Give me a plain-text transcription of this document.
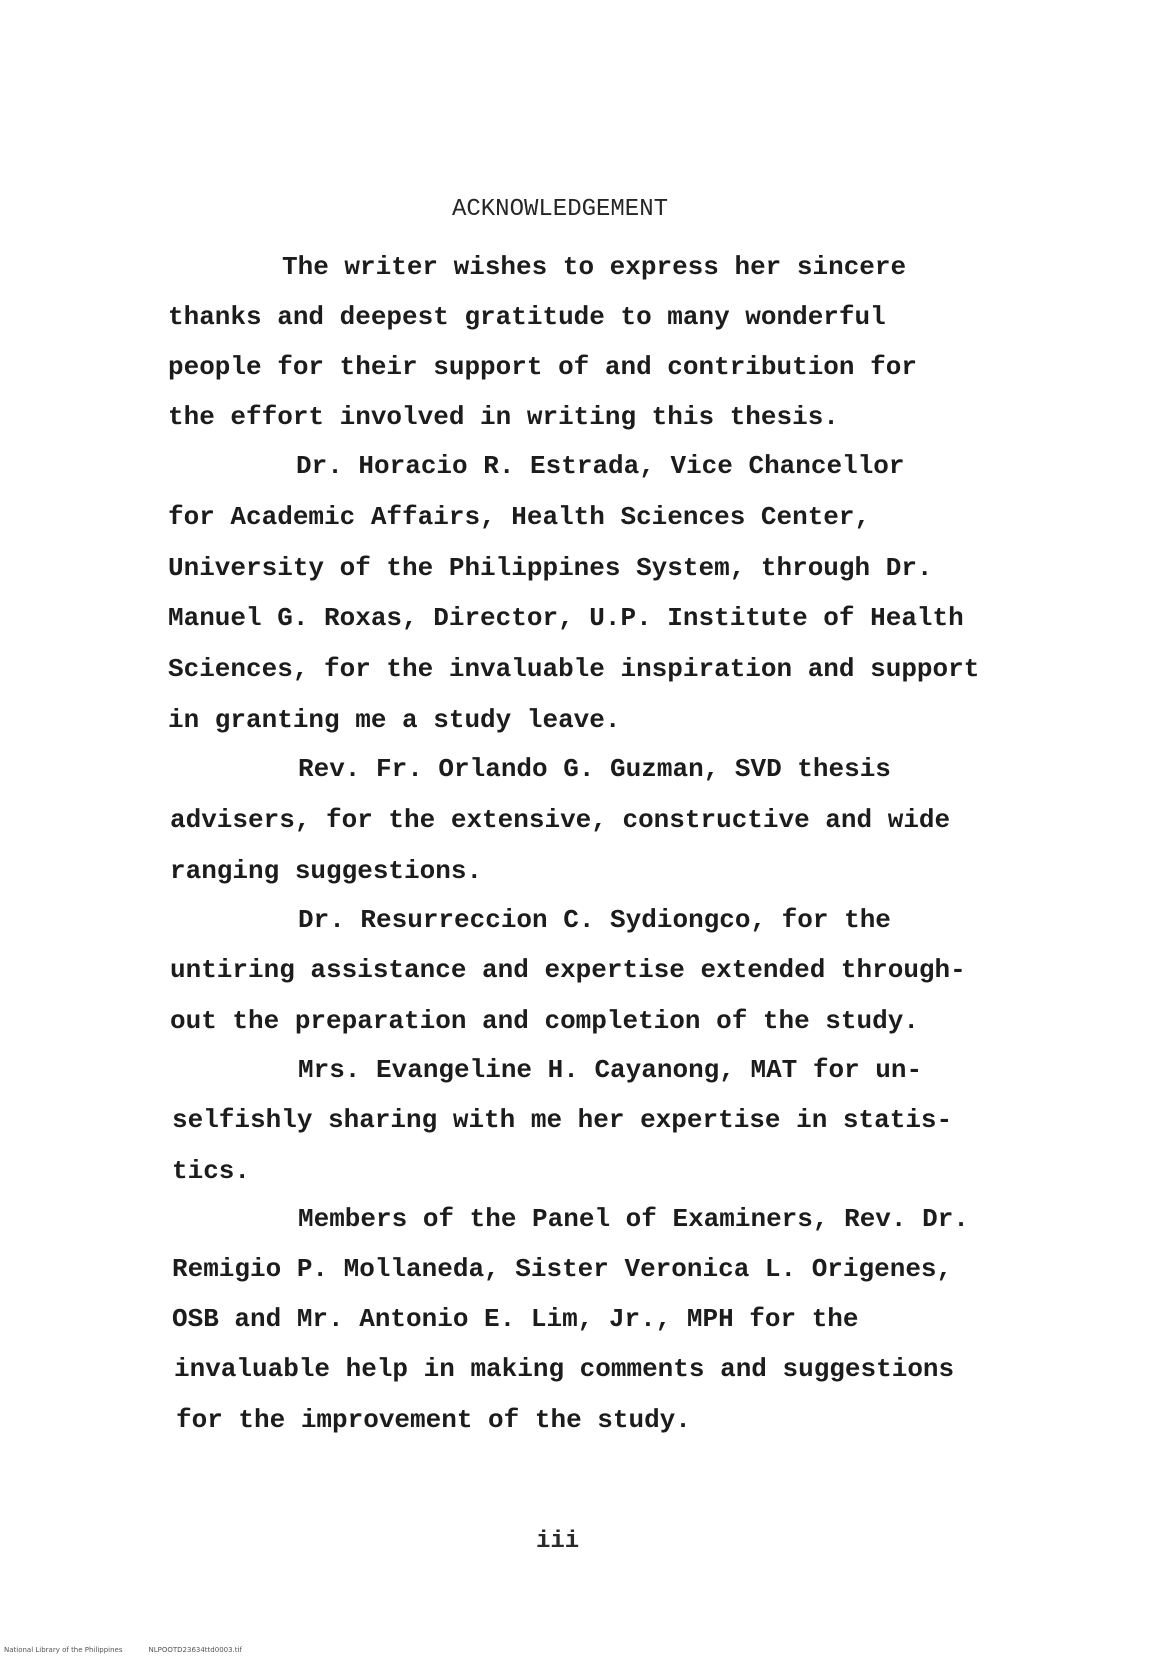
ACKNOWLEDGEMENT
The writer wishes to express her sincere
thanks and deepest gratitude to many wonderful
people for their support of and contribution for
the effort involved in writing this thesis.
Dr. Horacio R. Estrada, Vice Chancellor
for Academic Affairs, Health Sciences Center,
University of the Philippines System, through Dr.
Manuel G. Roxas, Director, U.P. Institute of Health
Sciences, for the invaluable inspiration and support
in granting me a study leave.
Rev. Fr. Orlando G. Guzman, SVD thesis
advisers, for the extensive, constructive and wide
ranging suggestions.
Dr. Resurreccion C. Sydiongco, for the
untiring assistance and expertise extended through-
out the preparation and completion of the study.
Mrs. Evangeline H. Cayanong, MAT for un-
selfishly sharing with me her expertise in statis-
tics.
Members of the Panel of Examiners, Rev. Dr.
Remigio P. Mollaneda, Sister Veronica L. Origenes,
OSB and Mr. Antonio E. Lim, Jr., MPH for the
invaluable help in making comments and suggestions
for the improvement of the study.
iii
National Library of the Philippines	NLPOOTD23634ttd0003.tif
